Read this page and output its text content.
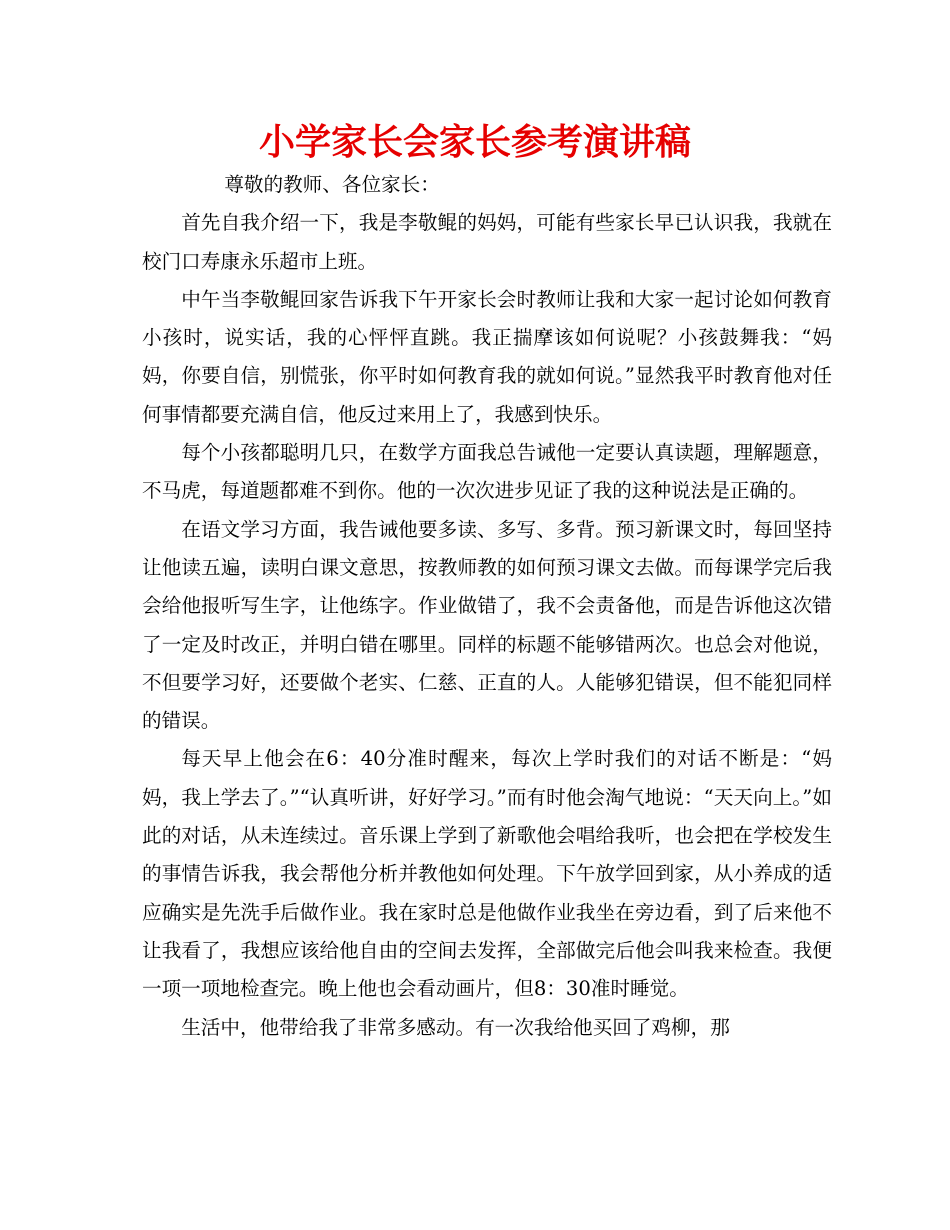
小学家长会家长参考演讲稿

尊敬的教师、各位家长：

首先自我介绍一下，我是李敬鲲的妈妈，可能有些家长早已认识我，我就在校门口寿康永乐超市上班。

中午当李敬鲲回家告诉我下午开家长会时教师让我和大家一起讨论如何教育小孩时，说实话，我的心怦怦直跳。我正揣摩该如何说呢？小孩鼓舞我：“妈妈，你要自信，别慌张，你平时如何教育我的就如何说。”显然我平时教育他对任何事情都要充满自信，他反过来用上了，我感到快乐。

每个小孩都聪明几只，在数学方面我总告诫他一定要认真读题，理解题意，不马虎，每道题都难不到你。他的一次次进步见证了我的这种说法是正确的。

在语文学习方面，我告诫他要多读、多写、多背。预习新课文时，每回坚持让他读五遍，读明白课文意思，按教师教的如何预习课文去做。而每课学完后我会给他报听写生字，让他练字。作业做错了，我不会责备他，而是告诉他这次错了一定及时改正，并明白错在哪里。同样的标题不能够错两次。也总会对他说，不但要学习好，还要做个老实、仁慈、正直的人。人能够犯错误，但不能犯同样的错误。

每天早上他会在6：40分准时醒来，每次上学时我们的对话不断是：“妈妈，我上学去了。”“认真听讲，好好学习。”而有时他会淘气地说：“天天向上。”如此的对话，从未连续过。音乐课上学到了新歌他会唱给我听，也会把在学校发生的事情告诉我，我会帮他分析并教他如何处理。下午放学回到家，从小养成的适应确实是先洗手后做作业。我在家时总是他做作业我坐在旁边看，到了后来他不让我看了，我想应该给他自由的空间去发挥，全部做完后他会叫我来检查。我便一项一项地检查完。晚上他也会看动画片，但8：30准时睡觉。

生活中，他带给我了非常多感动。有一次我给他买回了鸡柳，那
